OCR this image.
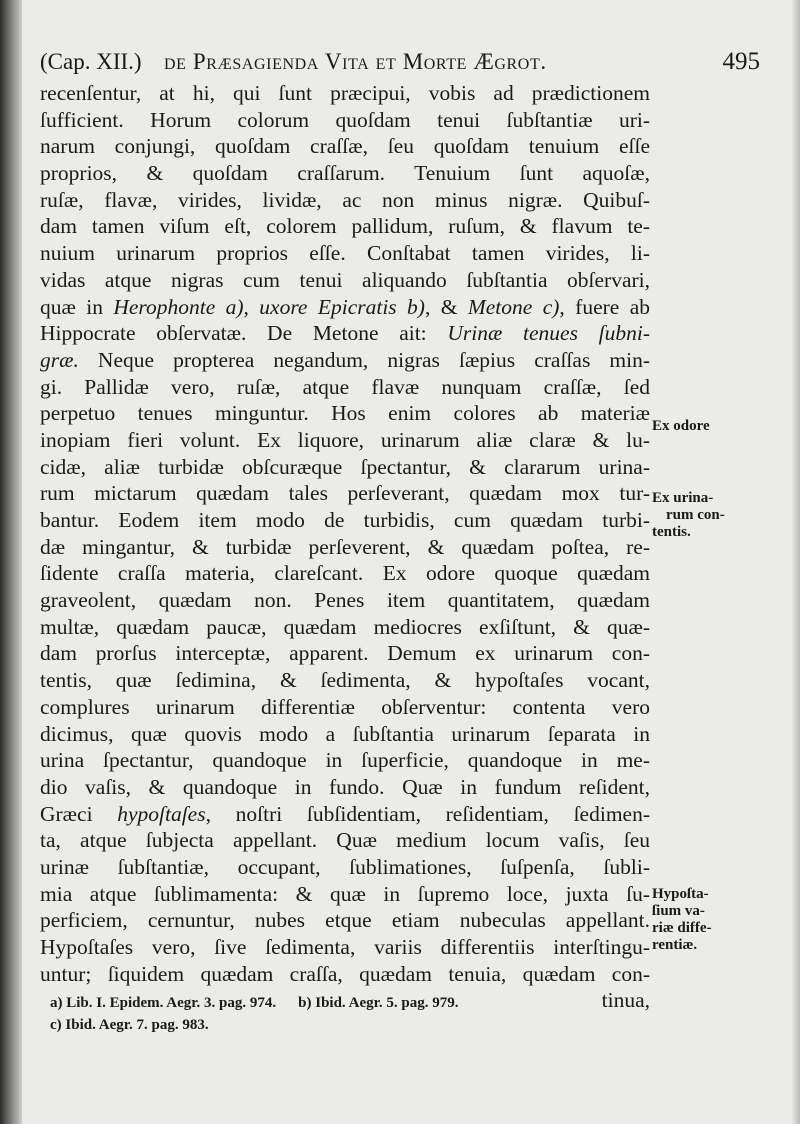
(Cap. XII.) de Præsagienda Vita et Morte Ægrot.	495
recenſentur, at hi, qui ſunt præcipui, vobis ad prædictionem
ſufficient. Horum colorum quoſdam tenui ſubſtantiæ uri-
narum conjungi, quoſdam craſſæ, ſeu quoſdam tenuium eſſe
proprios, & quoſdam craſſarum. Tenuium ſunt aquoſæ,
ruſæ, flavæ, virides, lividæ, ac non minus nigræ. Quibuſ-
dam tamen viſum eſt, colorem pallidum, ruſum, & flavum te-
nuium urinarum proprios eſſe. Conſtabat tamen virides, li-
vidas atque nigras cum tenui aliquando ſubſtantia obſervari,
quæ in Herophonte a), uxore Epicratis b), & Metone c), fuere ab
Hippocrate obſervatæ. De Metone ait: Urinæ tenues ſubni-
græ. Neque propterea negandum, nigras ſæpius craſſas min-
gi. Pallidæ vero, ruſæ, atque flavæ nunquam craſſæ, ſed
perpetuo tenues minguntur. Hos enim colores ab materiæ
inopiam fieri volunt. Ex liquore, urinarum aliæ claræ & lu-
cidæ, aliæ turbidæ obſcuræque ſpectantur, & clararum urina-
rum mictarum quædam tales perſeverant, quædam mox tur-
bantur. Eodem item modo de turbidis, cum quædam turbi-
dæ mingantur, & turbidæ perſeverent, & quædam poſtea, re-
ſidente craſſa materia, clareſcant. Ex odore quoque quædam
graveolent, quædam non. Penes item quantitatem, quædam
multæ, quædam paucæ, quædam mediocres exſiſtunt, & quæ-
dam prorſus interceptæ, apparent. Demum ex urinarum con-
tentis, quæ ſedimina, & ſedimenta, & hypoſtaſes vocant,
complures urinarum differentiæ obſerventur: contenta vero
dicimus, quæ quovis modo a ſubſtantia urinarum ſeparata in
urina ſpectantur, quandoque in ſuperficie, quandoque in me-
dio vaſis, & quandoque in fundo. Quæ in fundum reſident,
Græci hypoſtaſes, noſtri ſubſidentiam, reſidentiam, ſedimen-
ta, atque ſubjecta appellant. Quæ medium locum vaſis, ſeu
urinæ ſubſtantiæ, occupant, ſublimationes, ſuſpenſa, ſubli-
mia atque ſublimamenta: & quæ in ſupremo loce, juxta ſu-
perficiem, cernuntur, nubes etque etiam nubeculas appellant.
Hypoſtaſes vero, ſive ſedimenta, variis differentiis interſtingu-
untur; ſiquidem quædam craſſa, quædam tenuia, quædam con-
tinua,
Ex odore
Ex urina-
rum con-
tentis.
Hypoſta-
ſium va-
riæ diffe-
rentiæ.
a) Lib. I. Epidem. Aegr. 3. pag. 974. b) Ibid. Aegr. 5. pag. 979.
c) Ibid. Aegr. 7. pag. 983.
